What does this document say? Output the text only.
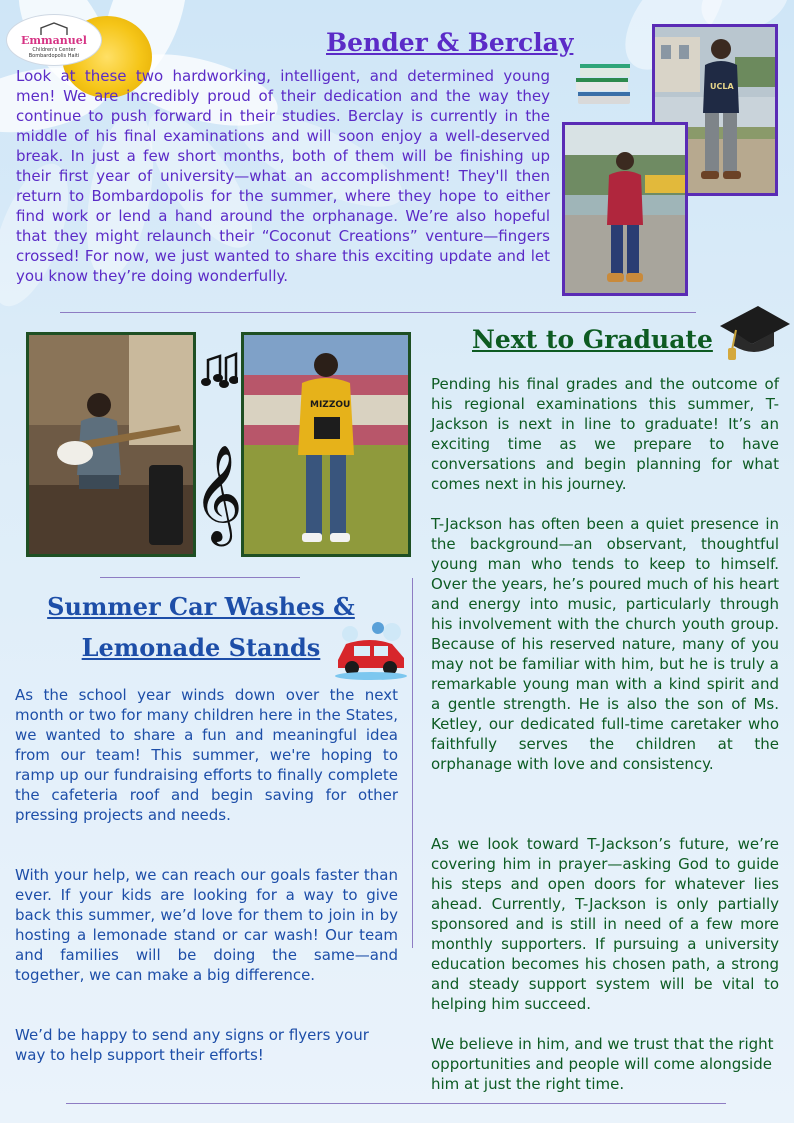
Emmanuel
Children's Center
Bombardopolis Haiti	Bender & Berclay

Look at these two hardworking, intelligent, and determined young men! We are incredibly proud of their dedication and the way they continue to push forward in their studies. Berclay is currently in the middle of his final examinations and will soon enjoy a well-deserved break. In just a few short months, both of them will be finishing up their first year of university—what an accomplishment! They'll then return to Bombardopolis for the summer, where they hope to either find work or lend a hand around the orphanage. We’re also hopeful that they might relaunch their “Coconut Creations” venture—fingers crossed! For now, we just wanted to share this exciting update and let you know they’re doing wonderfully.

UCLA
MIZZOU
𝄞
Next to Graduate

Pending his final grades and the outcome of his regional examinations this summer, T-Jackson is next in line to graduate! It’s an exciting time as we prepare to have conversations and begin planning for what comes next in his journey.

T-Jackson has often been a quiet presence in the background—an observant, thoughtful young man who tends to keep to himself. Over the years, he’s poured much of his heart and energy into music, particularly through his involvement with the church youth group. Because of his reserved nature, many of you may not be familiar with him, but he is truly a remarkable young man with a kind spirit and a gentle strength. He is also the son of Ms. Ketley, our dedicated full-time caretaker who faithfully serves the children at the orphanage with love and consistency.

As we look toward T-Jackson’s future, we’re covering him in prayer—asking God to guide his steps and open doors for whatever lies ahead. Currently, T-Jackson is only partially sponsored and is still in need of a few more monthly supporters. If pursuing a university education becomes his chosen path, a strong and steady support system will be vital to helping him succeed.

We believe in him, and we trust that the right opportunities and people will come alongside him at just the right time.

Summer Car Washes &
Lemonade Stands

As the school year winds down over the next month or two for many children here in the States, we wanted to share a fun and meaningful idea from our team! This summer, we're hoping to ramp up our fundraising efforts to finally complete the cafeteria roof and begin saving for other pressing projects and needs.

With your help, we can reach our goals faster than ever. If your kids are looking for a way to give back this summer, we’d love for them to join in by hosting a lemonade stand or car wash! Our team and families will be doing the same—and together, we can make a big difference.

We’d be happy to send any signs or flyers your way to help support their efforts!
